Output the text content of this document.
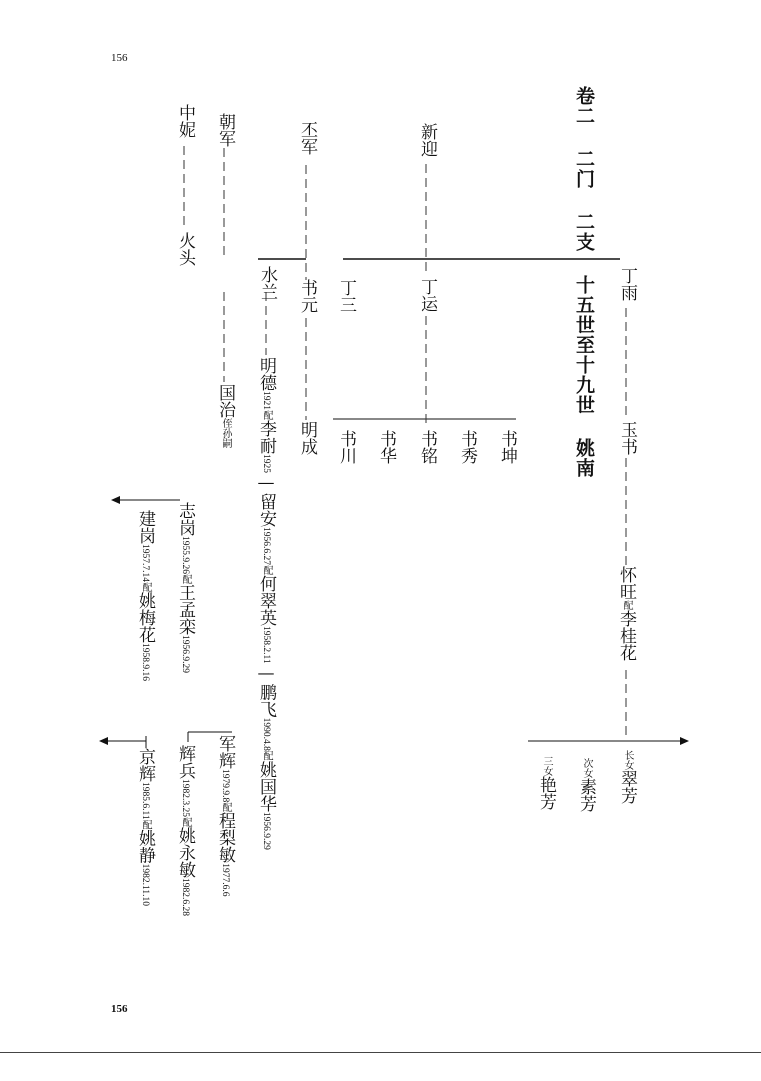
156
156
卷二 二门 二支 十五世至十九世 姚南
中妮
火头
朝军	丕军	新迎
水兰 书元 丁三	丁运	丁雨
国治侄孙嗣
明德1921配李耐1925—留安1956.6.27配何翠英1958.2.11—鹏飞1990.4.8配姚国华1956.9.29
明成 书川 书华 书铭 书秀 书坤	玉书
怀旺配李桂花
长女翠芳
次女素芳
三女艳芳
志岗1955.9.26配王孟栾1956.9.29
辉兵1982.3.25配姚永敏1982.6.28
军辉1979.9.8配程梨敏1977.6.6
建岗1957.7.14配姚梅花1958.9.16
京辉1985.6.11配姚静1982.11.10
